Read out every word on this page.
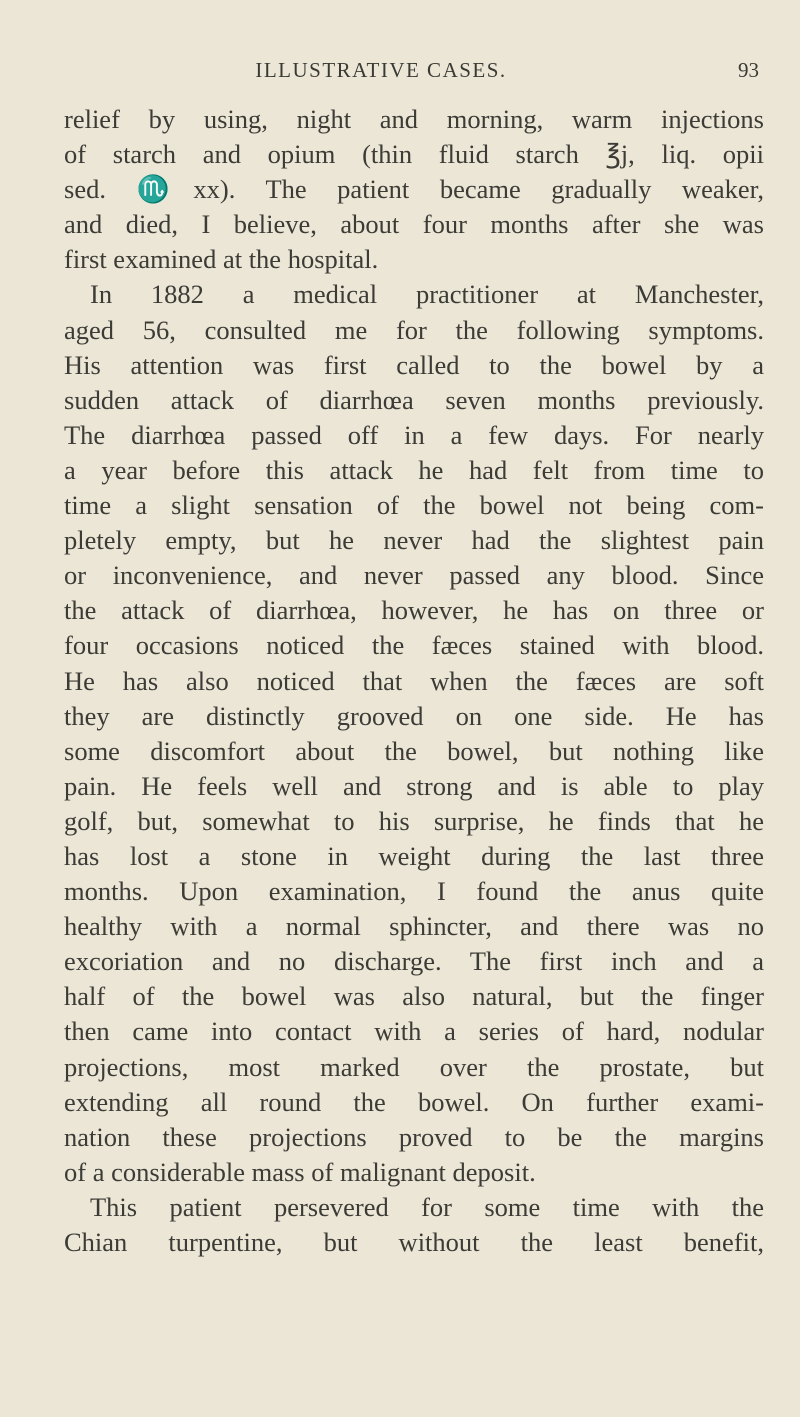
ILLUSTRATIVE CASES.	93
relief by using, night and morning, warm injections
of starch and opium (thin fluid starch ℥j, liq. opii
sed. ♏xx). The patient became gradually weaker,
and died, I believe, about four months after she was
first examined at the hospital.
In 1882 a medical practitioner at Manchester,
aged 56, consulted me for the following symptoms.
His attention was first called to the bowel by a
sudden attack of diarrhœa seven months previously.
The diarrhœa passed off in a few days. For nearly
a year before this attack he had felt from time to
time a slight sensation of the bowel not being com-
pletely empty, but he never had the slightest pain
or inconvenience, and never passed any blood. Since
the attack of diarrhœa, however, he has on three or
four occasions noticed the fæces stained with blood.
He has also noticed that when the fæces are soft
they are distinctly grooved on one side. He has
some discomfort about the bowel, but nothing like
pain. He feels well and strong and is able to play
golf, but, somewhat to his surprise, he finds that he
has lost a stone in weight during the last three
months. Upon examination, I found the anus quite
healthy with a normal sphincter, and there was no
excoriation and no discharge. The first inch and a
half of the bowel was also natural, but the finger
then came into contact with a series of hard, nodular
projections, most marked over the prostate, but
extending all round the bowel. On further exami-
nation these projections proved to be the margins
of a considerable mass of malignant deposit.
This patient persevered for some time with the
Chian turpentine, but without the least benefit,
